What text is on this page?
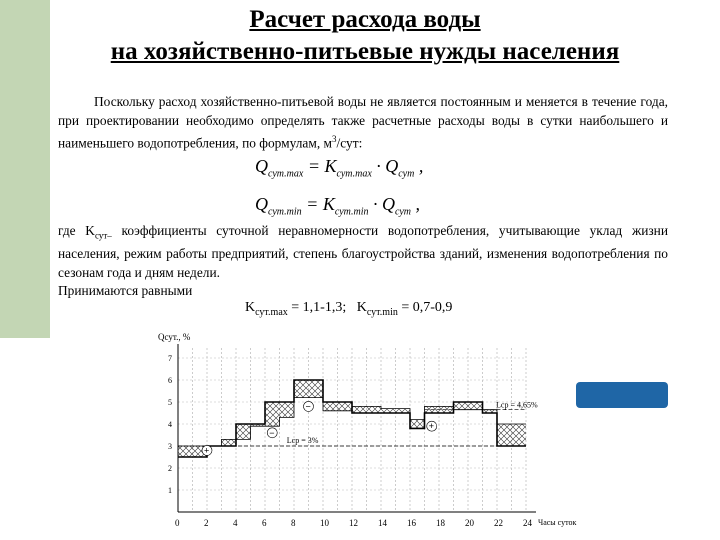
Расчет расхода воды
на хозяйственно-питьевые нужды населения
Поскольку расход хозяйственно-питьевой воды не является постоянным и меняется в течение года, при проектировании необходимо определять также расчетные расходы воды в сутки наибольшего и наименьшего водопотребления, по формулам, $м^3$/сут:
$Q_{сут.max} = K_{сут.max} \cdot Q_{сут}$ ,
$Q_{сут.min} = K_{сут.min} \cdot Q_{сут}$ ,
где $K_{сут-}$ коэффициенты суточной неравномерности водопотребления, учитывающие уклад жизни населения, режим работы предприятий, степень благоустройства зданий, изменения водопотребления по сезонам года и дням недели.
Принимаются равными
$K_{сут.max} = 1,1-1,3$; $K_{сут.min} = 0,7-0,9$
+
−
−
+
0	2	4	6	8	10 12 14 16 18 20 22 24
1
2
3
4
5
6
7
Qсут., %
Часы суток
Lср = 3%
Lср = 4,65%
